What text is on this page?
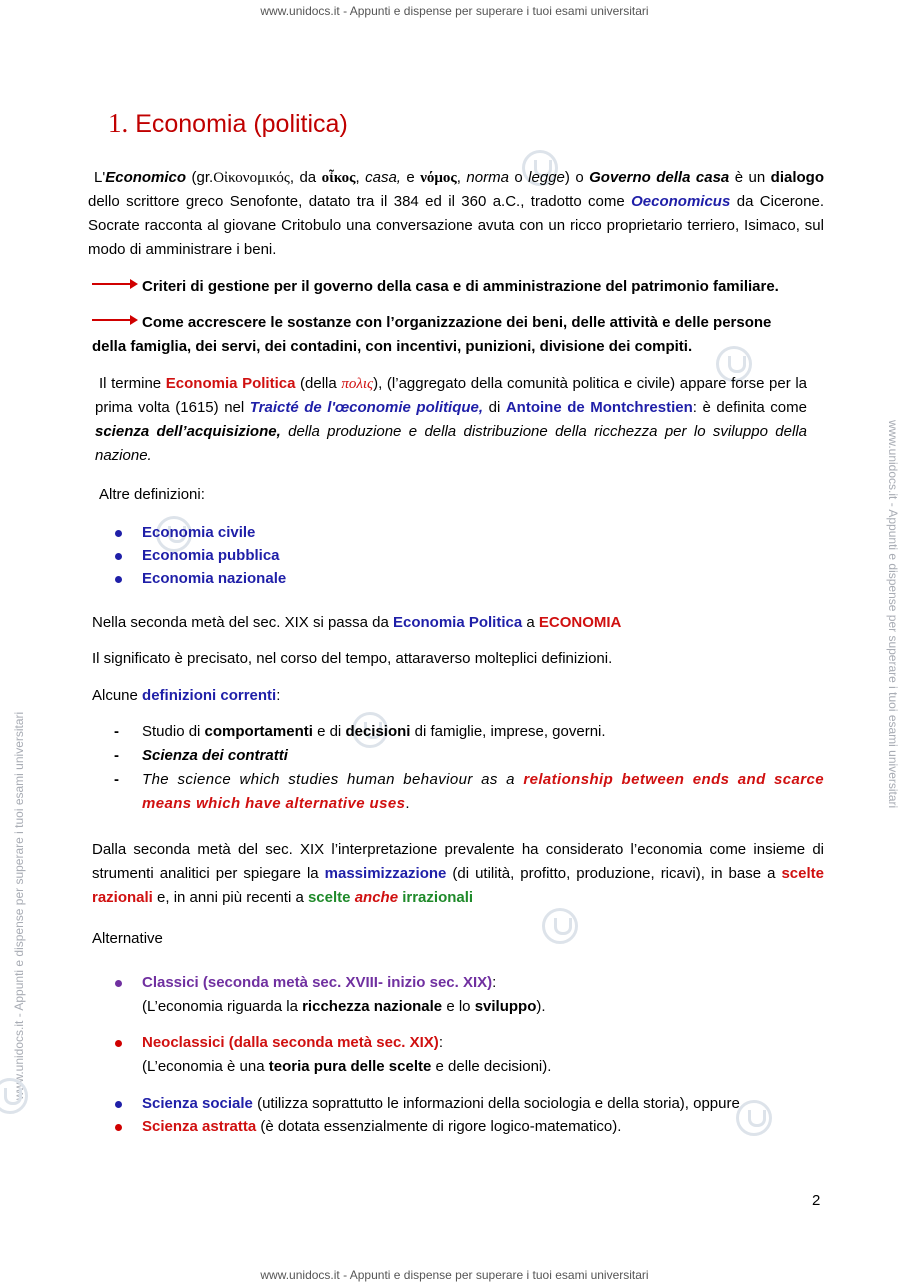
www.unidocs.it - Appunti e dispense per superare i tuoi esami universitari
www.unidocs.it - Appunti e dispense per superare i tuoi esami universitari
www.unidocs.it - Appunti e dispense per superare i tuoi esami universitari
www.unidocs.it - Appunti e dispense per superare i tuoi esami universitari
1. Economia (politica)
L'Economico (gr.Οἰκονομικός, da οἶκος, casa, e νόμος, norma o legge) o Governo della casa è un dialogo dello scrittore greco Senofonte, datato tra il 384 ed il 360 a.C., tradotto come Oeconomicus da Cicerone. Socrate racconta al giovane Critobulo una conversazione avuta con un ricco proprietario terriero, Isimaco, sul modo di amministrare i beni.
Criteri di gestione per il governo della casa e di amministrazione del patrimonio familiare.
Come accrescere le sostanze con l’organizzazione dei beni, delle attività e delle persone
della famiglia, dei servi, dei contadini, con incentivi, punizioni, divisione dei compiti.
Il termine Economia Politica (della πολις), (l’aggregato della comunità politica e civile) appare forse per la prima volta (1615) nel Traicté de l'œconomie politique, di Antoine de Montchrestien: è definita come scienza dell’acquisizione, della produzione e della distribuzione della ricchezza per lo sviluppo della nazione.
Altre definizioni:
Economia civile
Economia pubblica
Economia nazionale
Nella seconda metà del sec. XIX si passa da Economia Politica a ECONOMIA
Il significato è precisato, nel corso del tempo, attaraverso molteplici definizioni.
Alcune definizioni correnti:
- Studio di comportamenti e di decisioni di famiglie, imprese, governi.
- Scienza dei contratti
- The science which studies human behaviour as a relationship between ends and scarce means which have alternative uses.
Dalla seconda metà del sec. XIX l’interpretazione prevalente ha considerato l’economia come insieme di strumenti analitici per spiegare la massimizzazione (di utilità, profitto, produzione, ricavi), in base a scelte razionali e, in anni più recenti a scelte anche irrazionali
Alternative
Classici (seconda metà sec. XVIII- inizio sec. XIX):
(L’economia riguarda la ricchezza nazionale e lo sviluppo).
Neoclassici (dalla seconda metà sec. XIX):
(L’economia è una teoria pura delle scelte e delle decisioni).
Scienza sociale (utilizza soprattutto le informazioni della sociologia e della storia), oppure
Scienza astratta (è dotata essenzialmente di rigore logico-matematico).
2
